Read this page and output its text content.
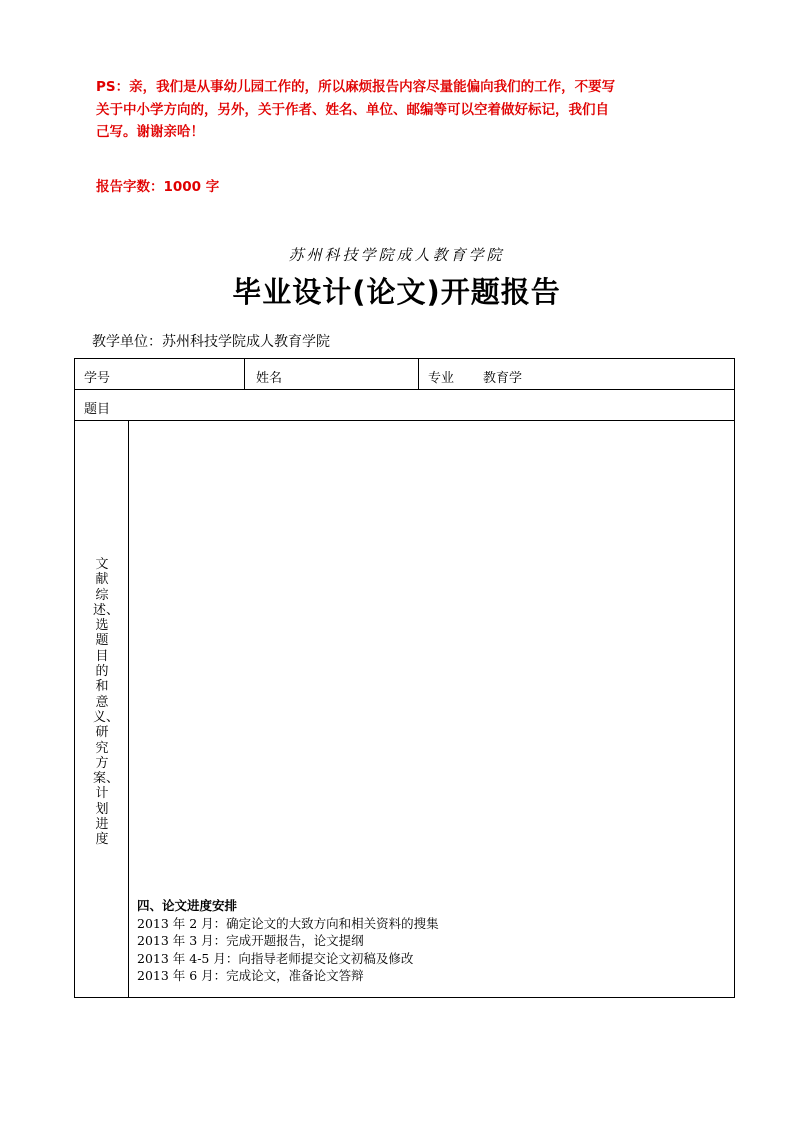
PS：亲，我们是从事幼儿园工作的，所以麻烦报告内容尽量能偏向我们的工作，不要写
关于中小学方向的，另外，关于作者、姓名、单位、邮编等可以空着做好标记，我们自
己写。谢谢亲哈！
报告字数：1000 字
苏州科技学院成人教育学院
毕业设计(论文)开题报告
教学单位：苏州科技学院成人教育学院
学号	姓名	专业 教育学
题目
文献综述、选题目的和意义、研究方案、计划进度
四、论文进度安排
2013 年 2 月：确定论文的大致方向和相关资料的搜集
2013 年 3 月：完成开题报告，论文提纲
2013 年 4-5 月：向指导老师提交论文初稿及修改
2013 年 6 月：完成论文，准备论文答辩
